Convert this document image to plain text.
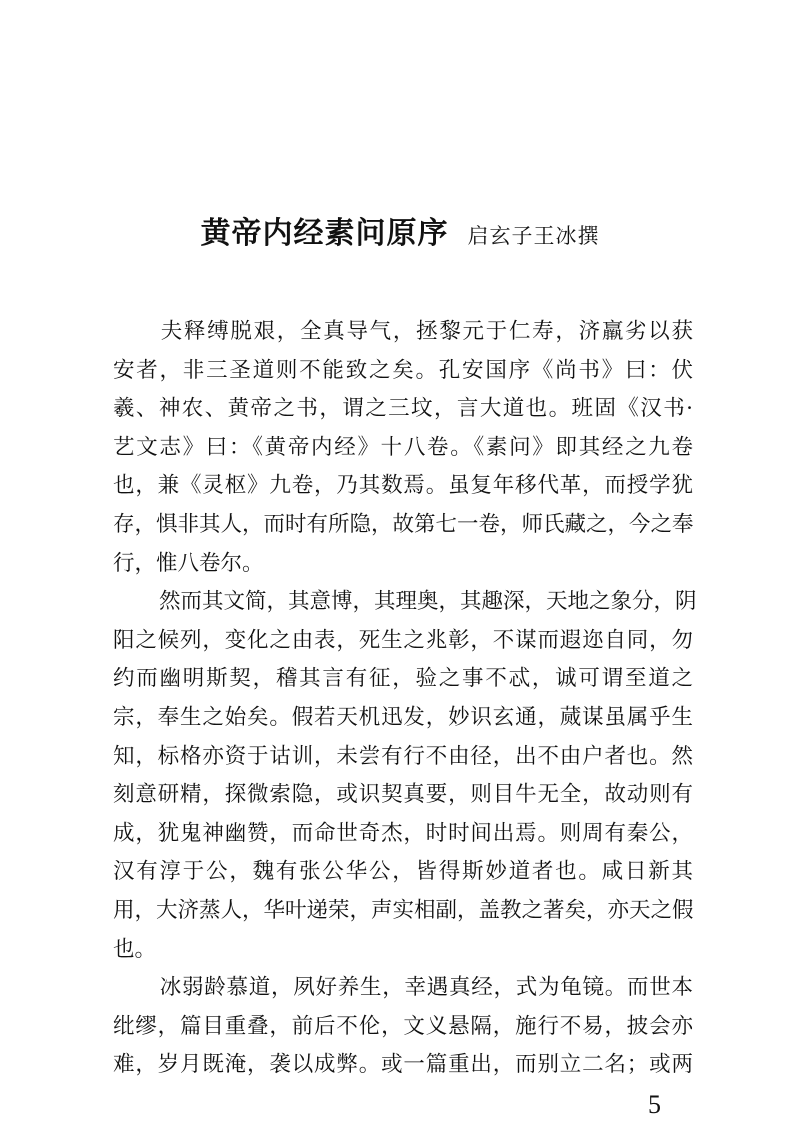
黄帝内经素问原序 启玄子王冰撰
夫释缚脱艰，全真导气，拯黎元于仁寿，济羸劣以获
安者，非三圣道则不能致之矣。孔安国序《尚书》曰：伏
羲、神农、黄帝之书，谓之三坟，言大道也。班固《汉书·
艺文志》曰：《黄帝内经》十八卷。《素问》即其经之九卷
也，兼《灵枢》九卷，乃其数焉。虽复年移代革，而授学犹
存，惧非其人，而时有所隐，故第七一卷，师氏藏之，今之奉
行，惟八卷尔。
然而其文简，其意博，其理奥，其趣深，天地之象分，阴
阳之候列，变化之由表，死生之兆彰，不谋而遐迩自同，勿
约而幽明斯契，稽其言有征，验之事不忒，诚可谓至道之
宗，奉生之始矣。假若天机迅发，妙识玄通，蒇谋虽属乎生
知，标格亦资于诂训，未尝有行不由径，出不由户者也。然
刻意研精，探微索隐，或识契真要，则目牛无全，故动则有
成，犹鬼神幽赞，而命世奇杰，时时间出焉。则周有秦公，
汉有淳于公，魏有张公华公，皆得斯妙道者也。咸日新其
用，大济蒸人，华叶递荣，声实相副，盖教之著矣，亦天之假
也。
冰弱龄慕道，夙好养生，幸遇真经，式为龟镜。而世本
纰缪，篇目重叠，前后不伦，文义悬隔，施行不易，披会亦
难，岁月既淹，袭以成弊。或一篇重出，而别立二名；或两
5
